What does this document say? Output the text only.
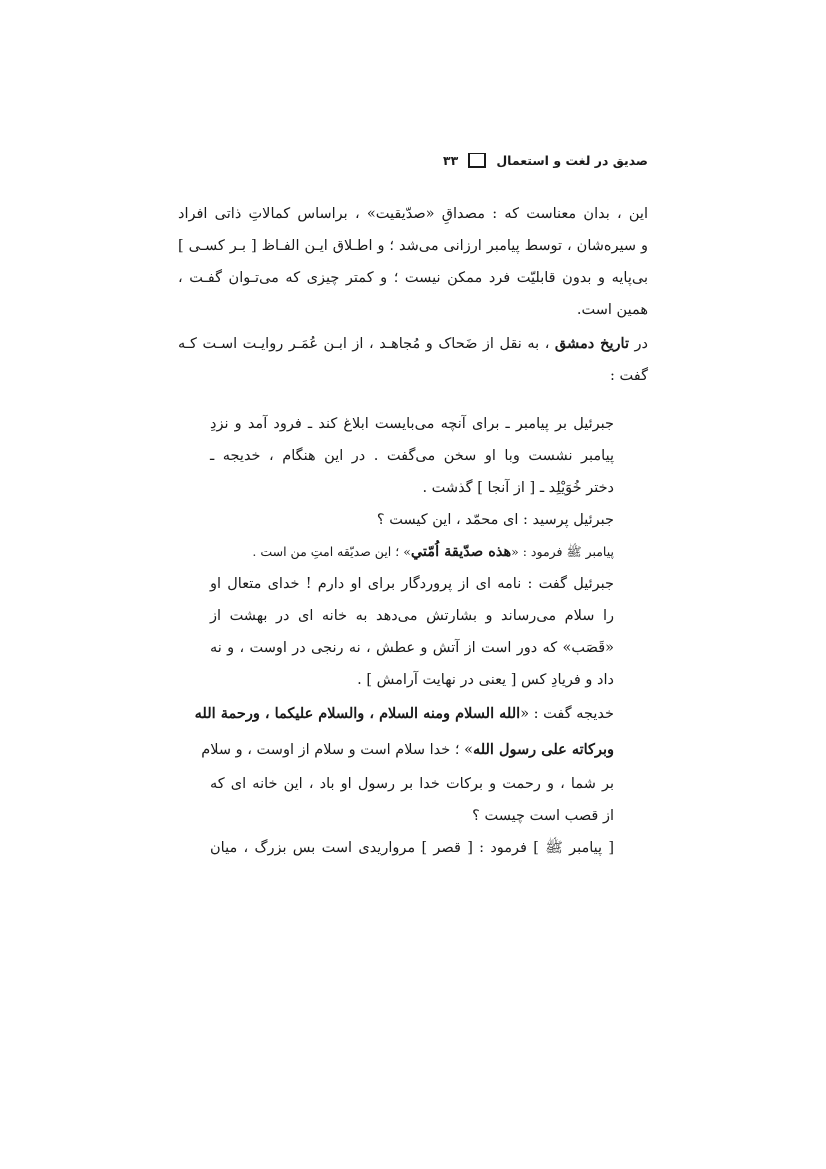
صدیق در لغت و استعمال
۳۳
این ، بدان معناست که : مصداقِ «صدّیقیت» ، براساس کمالاتِ ذاتی افراد
و سیره‌شان ، توسط پیامبر ارزانی می‌شد ؛ و اطـلاق ایـن الفـاظ [ بـر کسـی ]
بی‌پایه و بدون قابلیّت فرد ممکن نیست ؛ و کمتر چیزی که می‌تـوان گفـت ،
همین است.
در تاریخ دمشق ، به نقل از ضَحاک و مُجاهـد ، از ابـن عُمَـر روایـت اسـت کـه
گفت :
جبرئیل بر پیامبر ـ برای آنچه می‌بایست ابلاغ کند ـ فرود آمد و نزدِ
پیامبر نشست وبا او سخن می‌گفت . در این هنگام ، خدیجه ـ
دختر خُوَیْلِد ـ [ از آنجا ] گذشت .
جبرئیل پرسید : ای محمّد ، این کیست ؟
پیامبر ﷺ فرمود : «هذه صدّيقة اُمّتي» ؛ این صدیّقه امتِ من است .
جبرئیل گفت : نامه ای از پروردگار برای او دارم ! خدای متعال او
را سلام می‌رساند و بشارتش می‌دهد به خانه ای در بهشت از
«قَصَب» که دور است از آتش و عطش ، نه رنجی در اوست ، و نه
داد و فریادِ کس [ یعنی در نهایت آرامش ] .
خدیجه گفت : «الله السلام ومنه السلام ، والسلام عليكما ، ورحمة الله
وبركاته على رسول الله» ؛ خدا سلام است و سلام از اوست ، و سلام
بر شما ، و رحمت و برکات خدا بر رسول او باد ، این خانه ای که
از قصب است چیست ؟
[ پیامبر ﷺ ] فرمود : [ قصر ] مرواریدی است بس بزرگ ، میان
